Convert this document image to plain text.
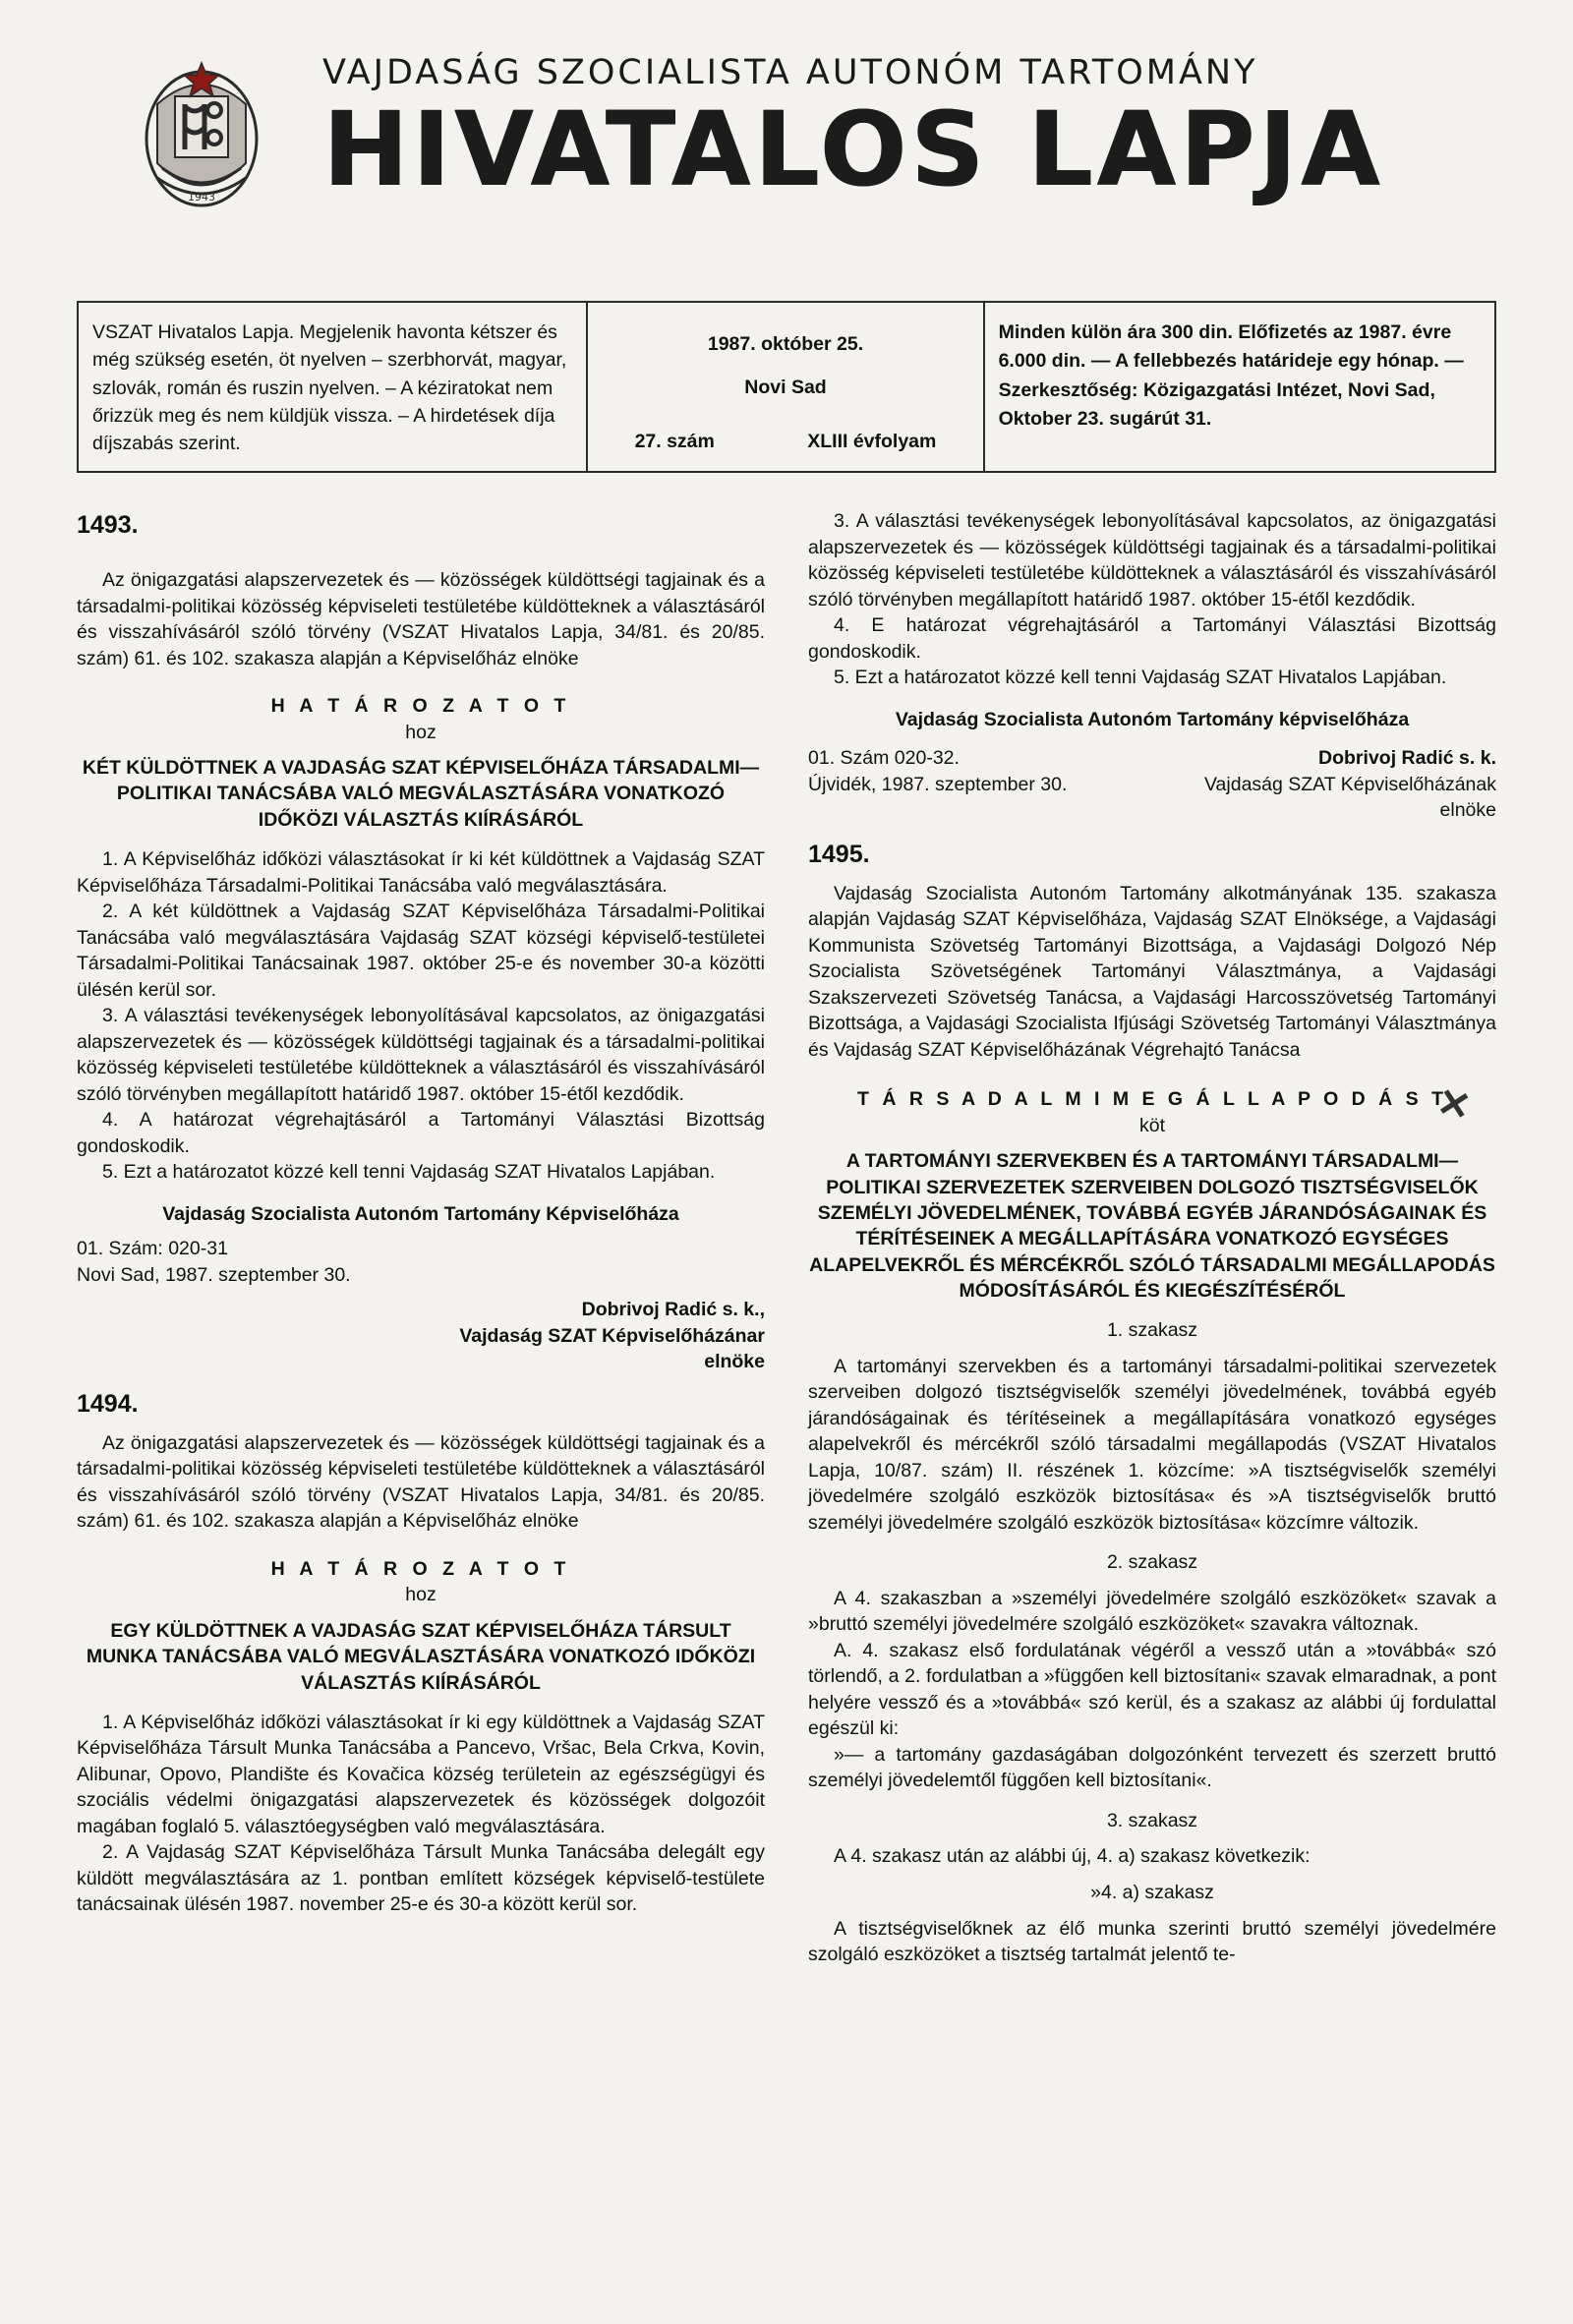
1943
VAJDASÁG SZOCIALISTA AUTONÓM TARTOMÁNY
HIVATALOS LAPJA
VSZAT Hivatalos Lapja. Megjelenik havonta kétszer és még szükség esetén, öt nyelven – szerbhorvát, magyar, szlovák, román és ruszin nyelven. – A kéziratokat nem őrizzük meg és nem küldjük vissza. – A hirdetések díja díjszabás szerint.
1987. október 25.
Novi Sad
27. szám	XLIII évfolyam
Minden külön ára 300 din. Előfizetés az 1987. évre 6.000 din. — A fellebbezés határideje egy hónap. — Szerkesztőség: Közigazgatási Intézet, Novi Sad, Oktober 23. sugárút 31.
1493.

Az önigazgatási alapszervezetek és — közösségek küldöttségi tagjainak és a társadalmi-politikai közösség képviseleti testületébe küldötteknek a választásáról és visszahívásáról szóló törvény (VSZAT Hivatalos Lapja, 34/81. és 20/85. szám) 61. és 102. szakasza alapján a Képviselőház elnöke

H A T Á R O Z A T O T

hoz

KÉT KÜLDÖTTNEK A VAJDASÁG SZAT KÉPVISELŐHÁZA TÁRSADALMI—POLITIKAI TANÁCSÁBA VALÓ MEGVÁLASZTÁSÁRA VONATKOZÓ IDŐKÖZI VÁLASZTÁS KIÍRÁSÁRÓL

1. A Képviselőház időközi választásokat ír ki két küldöttnek a Vajdaság SZAT Képviselőháza Társadalmi-Politikai Tanácsába való megválasztására.

2. A két küldöttnek a Vajdaság SZAT Képviselőháza Társadalmi-Politikai Tanácsába való megválasztására Vajdaság SZAT községi képviselő-testületei Társadalmi-Politikai Tanácsainak 1987. október 25-e és november 30-a közötti ülésén kerül sor.

3. A választási tevékenységek lebonyolításával kapcsolatos, az önigazgatási alapszervezetek és — közösségek küldöttségi tagjainak és a társadalmi-politikai közösség képviseleti testületébe küldötteknek a választásáról és visszahívásáról szóló törvényben megállapított határidő 1987. október 15-étől kezdődik.

4. A határozat végrehajtásáról a Tartományi Választási Bizottság gondoskodik.

5. Ezt a határozatot közzé kell tenni Vajdaság SZAT Hivatalos Lapjában.

Vajdaság Szocialista Autonóm Tartomány Képviselőháza

01. Szám: 020-31

Novi Sad, 1987. szeptember 30.

Dobrivoj Radić s. k.,

Vajdaság SZAT Képviselőházánar

elnöke

1494.

Az önigazgatási alapszervezetek és — közösségek küldöttségi tagjainak és a társadalmi-politikai közösség képviseleti testületébe küldötteknek a választásáról és visszahívásáról szóló törvény (VSZAT Hivatalos Lapja, 34/81. és 20/85. szám) 61. és 102. szakasza alapján a Képviselőház elnöke

H A T Á R O Z A T O T

hoz

EGY KÜLDÖTTNEK A VAJDASÁG SZAT KÉPVISELŐHÁZA TÁRSULT MUNKA TANÁCSÁBA VALÓ MEGVÁLASZTÁSÁRA VONATKOZÓ IDŐKÖZI VÁLASZTÁS KIÍRÁSÁRÓL

1. A Képviselőház időközi választásokat ír ki egy küldöttnek a Vajdaság SZAT Képviselőháza Társult Munka Tanácsába a Pancevo, Vršac, Bela Crkva, Kovin, Alibunar, Opovo, Plandište és Kovačica község területein az egészségügyi és szociális védelmi önigazgatási alapszervezetek és közösségek dolgozóit magában foglaló 5. választóegységben való megválasztására.

2. A Vajdaság SZAT Képviselőháza Társult Munka Tanácsába delegált egy küldött megválasztására az 1. pontban említett községek képviselő-testülete tanácsainak ülésén 1987. november 25-e és 30-a között kerül sor.

3. A választási tevékenységek lebonyolításával kapcsolatos, az önigazgatási alapszervezetek és — közösségek küldöttségi tagjainak és a társadalmi-politikai közösség képviseleti testületébe küldötteknek a választásáról és visszahívásáról szóló törvényben megállapított határidő 1987. október 15-étől kezdődik.

4. E határozat végrehajtásáról a Tartományi Választási Bizottság gondoskodik.

5. Ezt a határozatot közzé kell tenni Vajdaság SZAT Hivatalos Lapjában.

Vajdaság Szocialista Autonóm Tartomány képviselőháza

01. Szám 020-32.
Újvidék, 1987. szeptember 30.
Dobrivoj Radić s. k.
Vajdaság SZAT Képviselőházának
elnöke
1495.

Vajdaság Szocialista Autonóm Tartomány alkotmányának 135. szakasza alapján Vajdaság SZAT Képviselőháza, Vajdaság SZAT Elnöksége, a Vajdasági Kommunista Szövetség Tartományi Bizottsága, a Vajdasági Dolgozó Nép Szocialista Szövetségének Tartományi Választmánya, a Vajdasági Szakszervezeti Szövetség Tanácsa, a Vajdasági Harcosszövetség Tartományi Bizottsága, a Vajdasági Szocialista Ifjúsági Szövetség Tartományi Választmánya és Vajdaság SZAT Képviselőházának Végrehajtó Tanácsa

T Á R S A D A L M I M E G Á L L A P O D Á S T
✕

köt

A TARTOMÁNYI SZERVEKBEN ÉS A TARTOMÁNYI TÁRSADALMI—POLITIKAI SZERVEZETEK SZERVEIBEN DOLGOZÓ TISZTSÉGVISELŐK SZEMÉLYI JÖVEDELMÉNEK, TOVÁBBÁ EGYÉB JÁRANDÓSÁGAINAK ÉS TÉRÍTÉSEINEK A MEGÁLLAPÍTÁSÁRA VONATKOZÓ EGYSÉGES ALAPELVEKRŐL ÉS MÉRCÉKRŐL SZÓLÓ TÁRSADALMI MEGÁLLAPODÁS MÓDOSÍTÁSÁRÓL ÉS KIEGÉSZÍTÉSÉRŐL

1. szakasz

A tartományi szervekben és a tartományi társadalmi-politikai szervezetek szerveiben dolgozó tisztségviselők személyi jövedelmének, továbbá egyéb járandóságainak és térítéseinek a megállapítására vonatkozó egységes alapelvekről és mércékről szóló társadalmi megállapodás (VSZAT Hivatalos Lapja, 10/87. szám) II. részének 1. közcíme: »A tisztségviselők személyi jövedelmére szolgáló eszközök biztosítása« és »A tisztségviselők bruttó személyi jövedelmére szolgáló eszközök biztosítása« közcímre változik.

2. szakasz

A 4. szakaszban a »személyi jövedelmére szolgáló eszközöket« szavak a »bruttó személyi jövedelmére szolgáló eszközöket« szavakra változnak.

A. 4. szakasz első fordulatának végéről a vessző után a »továbbá« szó törlendő, a 2. fordulatban a »függően kell biztosítani« szavak elmaradnak, a pont helyére vessző és a »továbbá« szó kerül, és a szakasz az alábbi új fordulattal egészül ki:

»— a tartomány gazdaságában dolgozónként tervezett és szerzett bruttó személyi jövedelemtől függően kell biztosítani«.

3. szakasz

A 4. szakasz után az alábbi új, 4. a) szakasz következik:

»4. a) szakasz

A tisztségviselőknek az élő munka szerinti bruttó személyi jövedelmére szolgáló eszközöket a tisztség tartalmát jelentő te-
